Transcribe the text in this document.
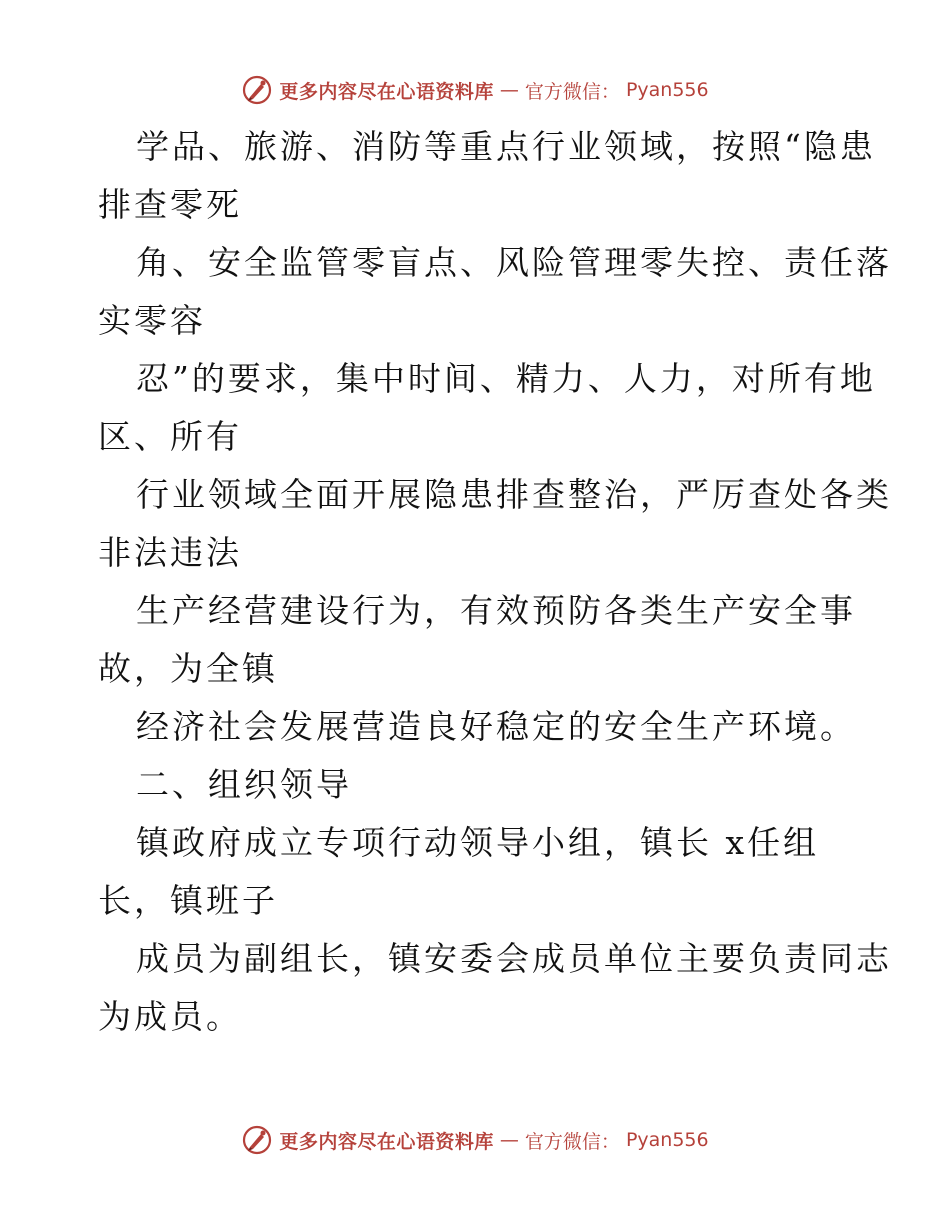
更多内容尽在心语资料库 — 官方微信： Pyan556
学品、旅游、消防等重点行业领域，按照“隐患
排查零死
角、安全监管零盲点、风险管理零失控、责任落
实零容
忍”的要求，集中时间、精力、人力，对所有地
区、所有
行业领域全面开展隐患排查整治，严厉查处各类
非法违法
生产经营建设行为，有效预防各类生产安全事
故，为全镇
经济社会发展营造良好稳定的安全生产环境。
二、组织领导
镇政府成立专项行动领导小组，镇长 x任组
长，镇班子
成员为副组长，镇安委会成员单位主要负责同志
为成员。
更多内容尽在心语资料库 — 官方微信： Pyan556
